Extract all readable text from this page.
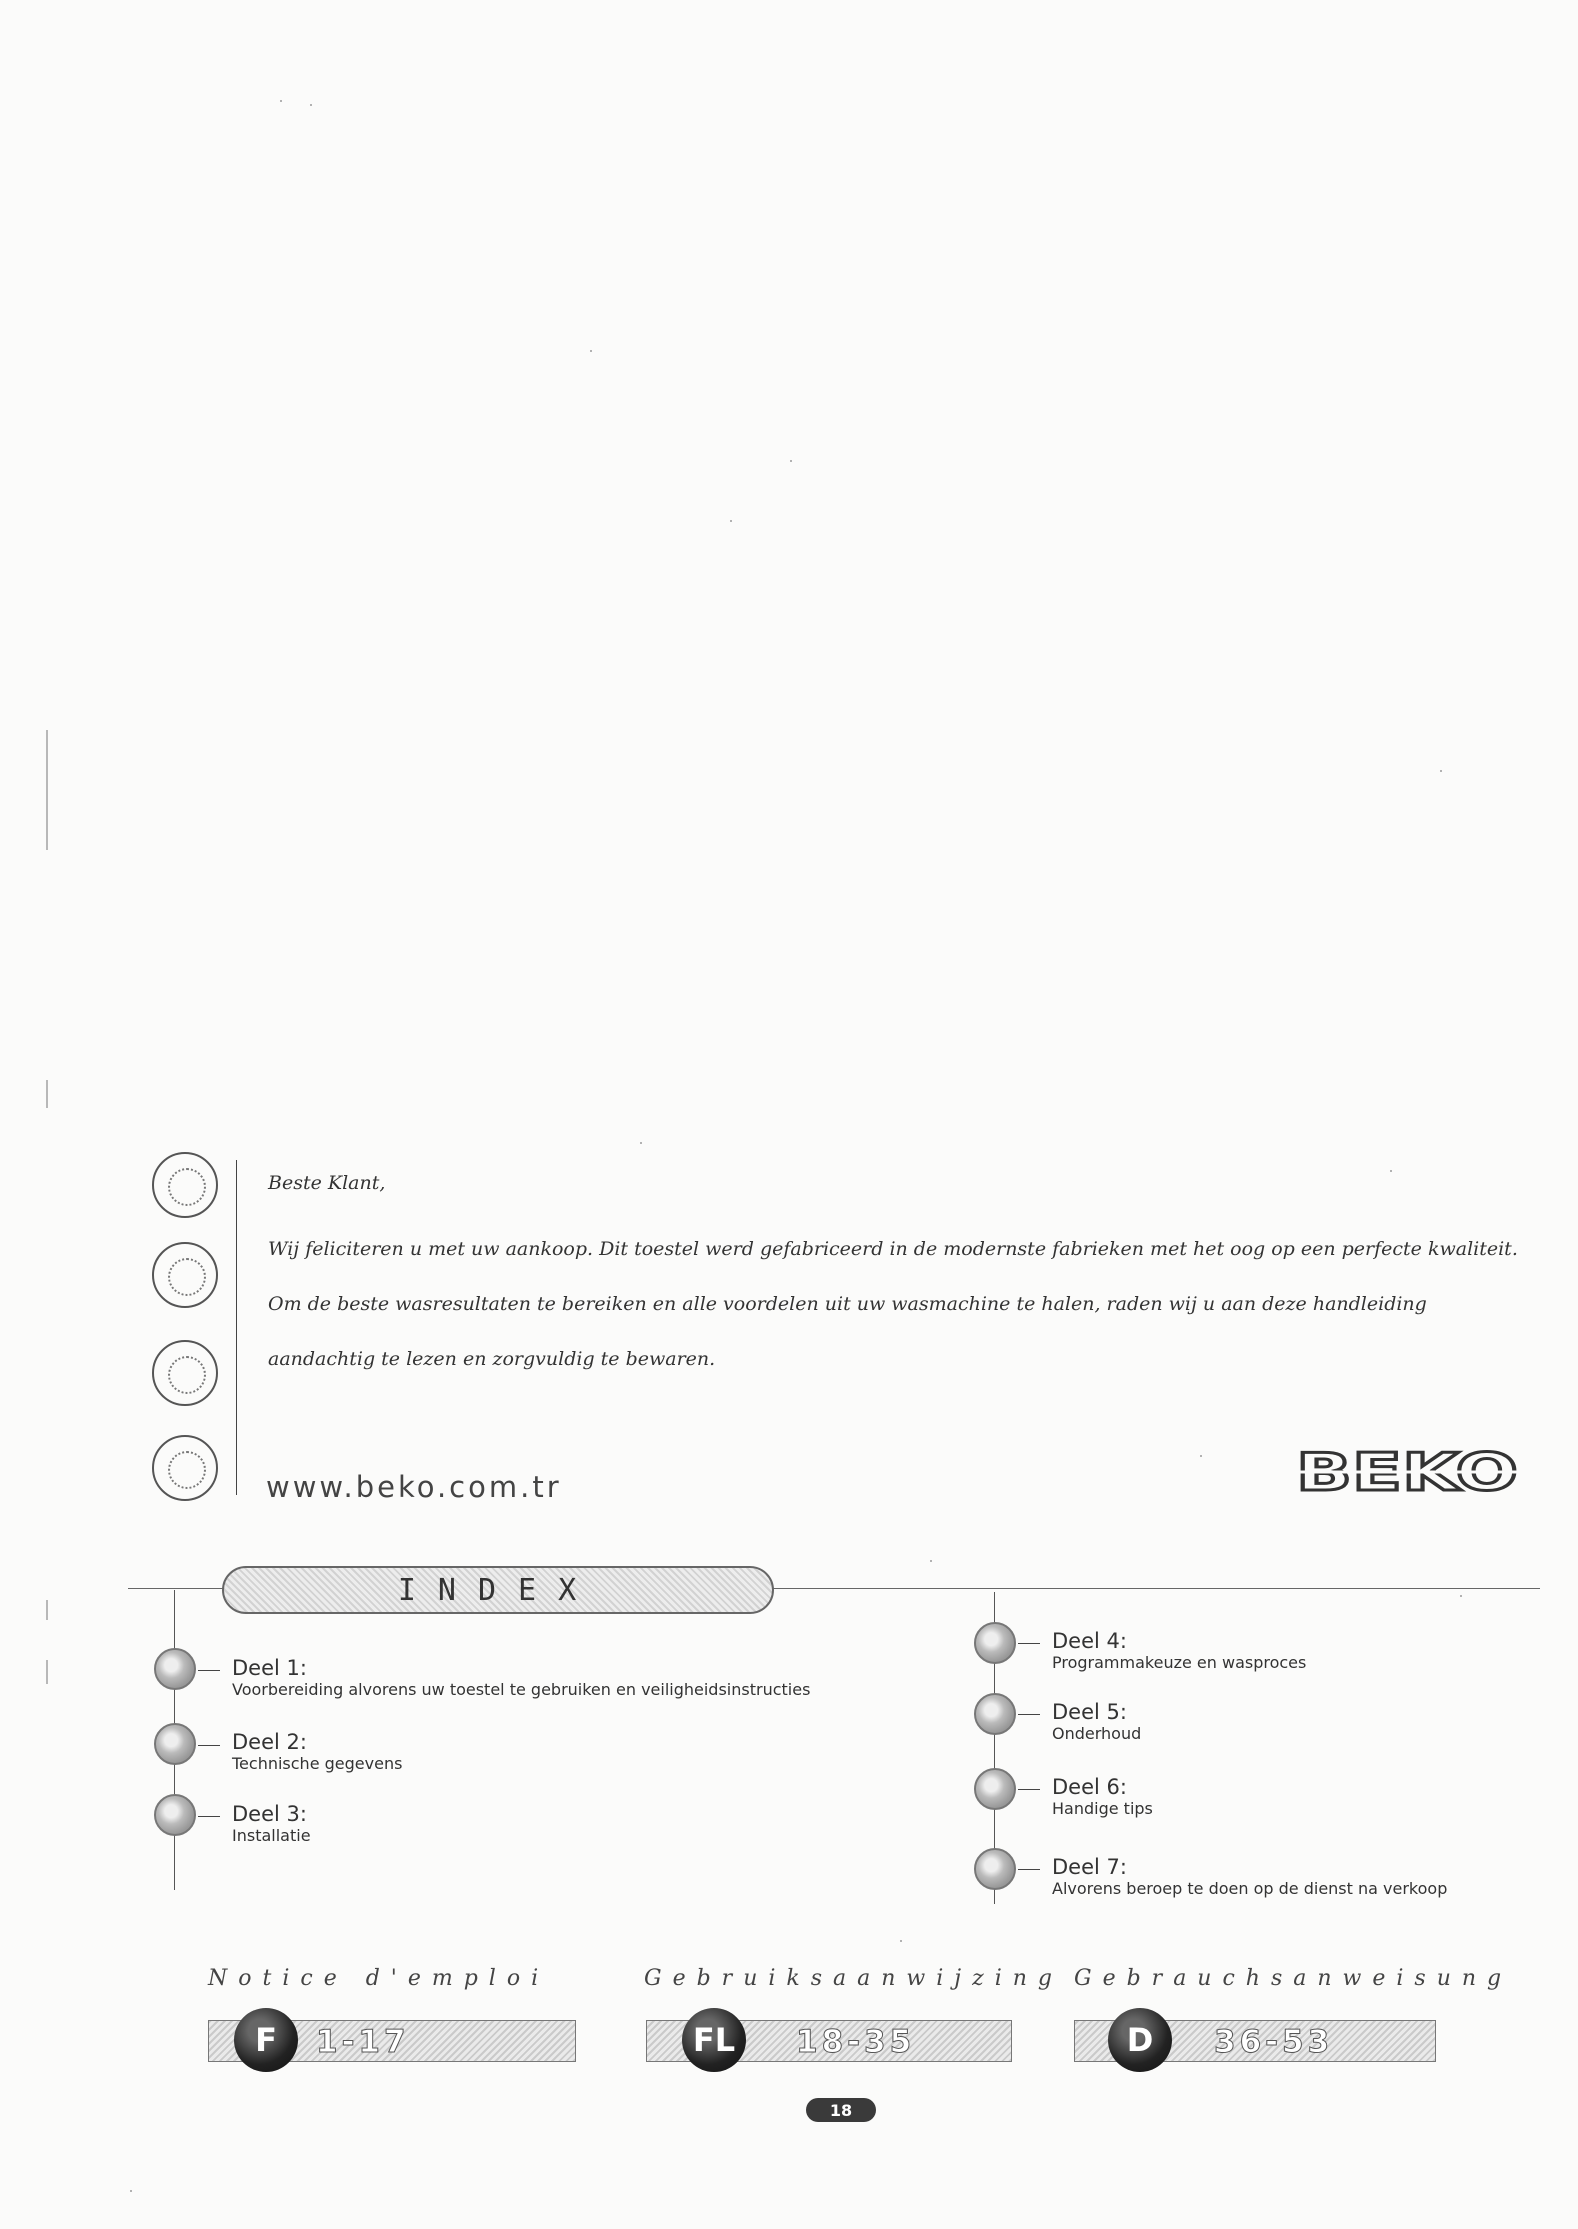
Beste Klant,

Wij feliciteren u met uw aankoop. Dit toestel werd gefabriceerd in de modernste fabrieken met het oog op een perfecte kwaliteit. Om de beste wasresultaten te bereiken en alle voordelen uit uw wasmachine te halen, raden wij u aan deze handleiding aandachtig te lezen en zorgvuldig te bewaren.

www.beko.com.tr	BEKO
INDEX
Deel 1:
Voorbereiding alvorens uw toestel te gebruiken en veiligheidsinstructies
Deel 2:
Technische gegevens
Deel 3:
Installatie
Deel 4:
Programmakeuze en wasproces
Deel 5:
Onderhoud
Deel 6:
Handige tips
Deel 7:
Alvorens beroep te doen op de dienst na verkoop
Notice d'emploi	Gebruiksaanwijzing Gebrauchsanweisung
F	1-17	FL	18-35	D	36-53
18
